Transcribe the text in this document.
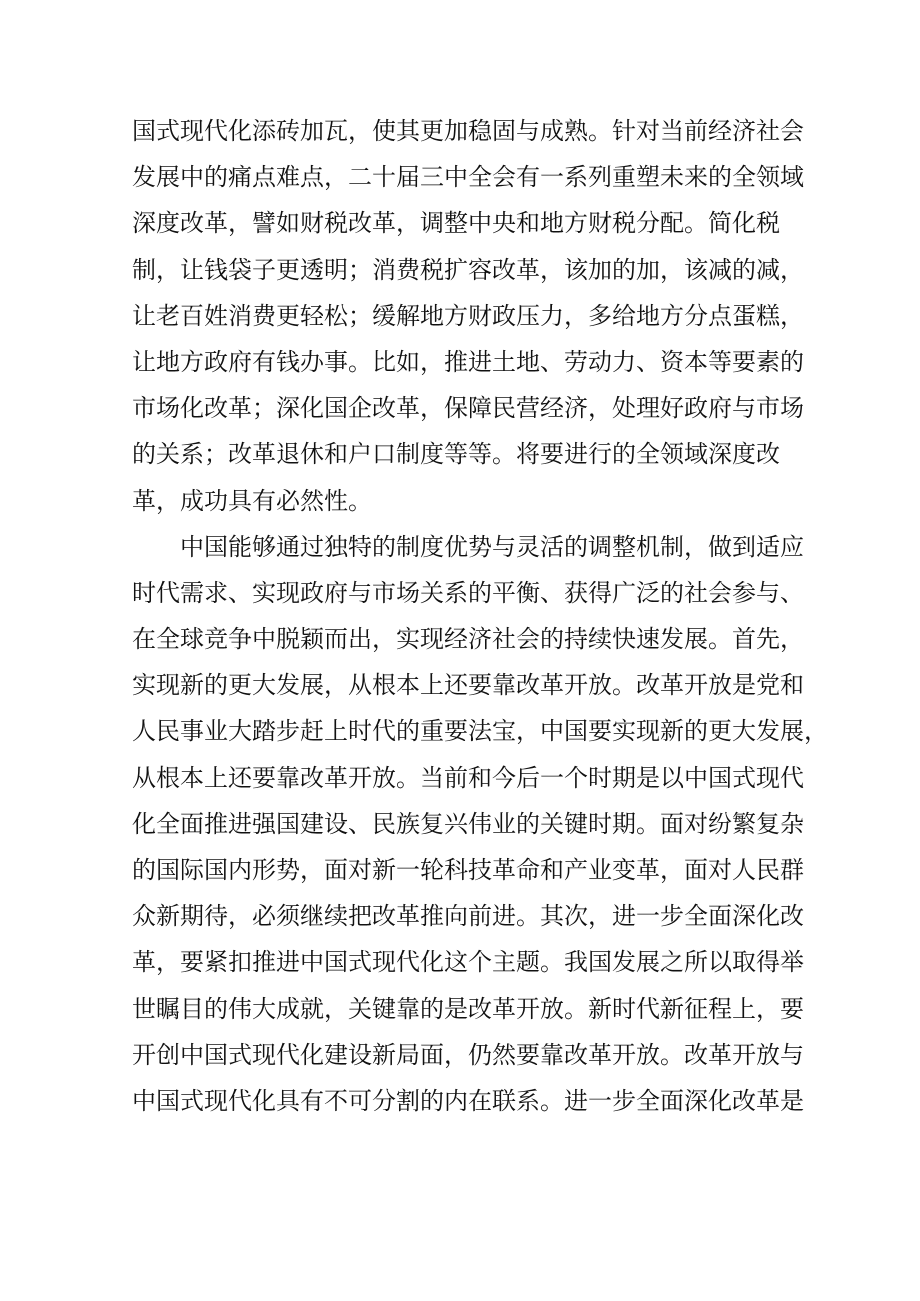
国式现代化添砖加瓦，使其更加稳固与成熟。针对当前经济社会
发展中的痛点难点，二十届三中全会有一系列重塑未来的全领域
深度改革，譬如财税改革，调整中央和地方财税分配。简化税
制，让钱袋子更透明；消费税扩容改革，该加的加，该减的减，
让老百姓消费更轻松；缓解地方财政压力，多给地方分点蛋糕，
让地方政府有钱办事。比如，推进土地、劳动力、资本等要素的
市场化改革；深化国企改革，保障民营经济，处理好政府与市场
的关系；改革退休和户口制度等等。将要进行的全领域深度改
革，成功具有必然性。
中国能够通过独特的制度优势与灵活的调整机制，做到适应
时代需求、实现政府与市场关系的平衡、获得广泛的社会参与、
在全球竞争中脱颖而出，实现经济社会的持续快速发展。首先，
实现新的更大发展，从根本上还要靠改革开放。改革开放是党和
人民事业大踏步赶上时代的重要法宝，中国要实现新的更大发展，
从根本上还要靠改革开放。当前和今后一个时期是以中国式现代
化全面推进强国建设、民族复兴伟业的关键时期。面对纷繁复杂
的国际国内形势，面对新一轮科技革命和产业变革，面对人民群
众新期待，必须继续把改革推向前进。其次，进一步全面深化改
革，要紧扣推进中国式现代化这个主题。我国发展之所以取得举
世瞩目的伟大成就，关键靠的是改革开放。新时代新征程上，要
开创中国式现代化建设新局面，仍然要靠改革开放。改革开放与
中国式现代化具有不可分割的内在联系。进一步全面深化改革是
